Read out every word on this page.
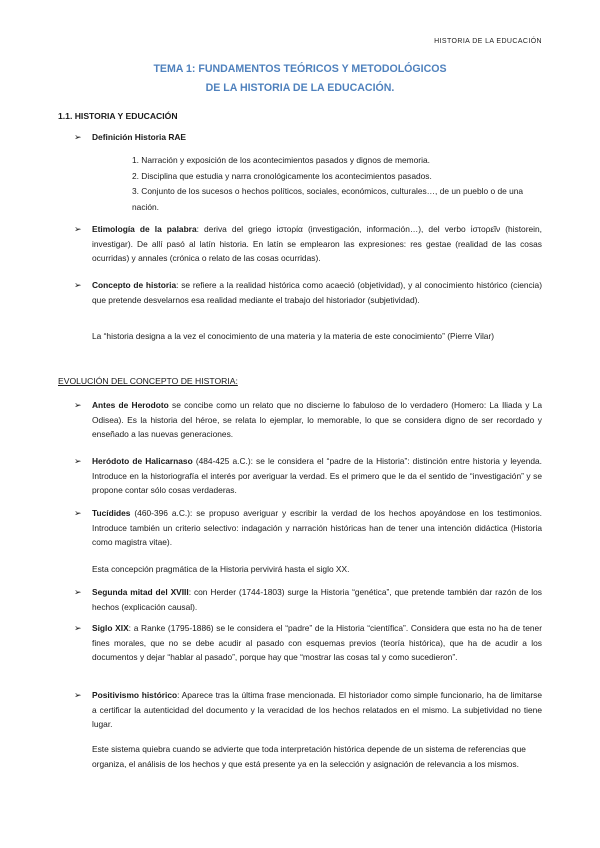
HISTORIA DE LA EDUCACIÓN
TEMA 1: FUNDAMENTOS TEÓRICOS Y METODOLÓGICOS
DE LA HISTORIA DE LA EDUCACIÓN.
1.1. HISTORIA Y EDUCACIÓN
➢ Definición Historia RAE
1. Narración y exposición de los acontecimientos pasados y dignos de memoria.
2. Disciplina que estudia y narra cronológicamente los acontecimientos pasados.
3. Conjunto de los sucesos o hechos políticos, sociales, económicos, culturales…, de un pueblo o de una nación.
➢ Etimología de la palabra: deriva del griego ἱστορία (investigación, información…), del verbo ἱστορεῖν (historein, investigar). De allí pasó al latín historia. En latín se emplearon las expresiones: res gestae (realidad de las cosas ocurridas) y annales (crónica o relato de las cosas ocurridas).
➢ Concepto de historia: se refiere a la realidad histórica como acaeció (objetividad), y al conocimiento histórico (ciencia) que pretende desvelarnos esa realidad mediante el trabajo del historiador (subjetividad).
La “historia designa a la vez el conocimiento de una materia y la materia de este conocimiento” (Pierre Vilar)
EVOLUCIÓN DEL CONCEPTO DE HISTORIA:
➢ Antes de Herodoto se concibe como un relato que no discierne lo fabuloso de lo verdadero (Homero: La Iliada y La Odisea). Es la historia del héroe, se relata lo ejemplar, lo memorable, lo que se considera digno de ser recordado y enseñado a las nuevas generaciones.
➢ Heródoto de Halicarnaso (484-425 a.C.): se le considera el “padre de la Historia”: distinción entre historia y leyenda. Introduce en la historiografía el interés por averiguar la verdad. Es el primero que le da el sentido de “investigación” y se propone contar sólo cosas verdaderas.
➢ Tucídides (460-396 a.C.): se propuso averiguar y escribir la verdad de los hechos apoyándose en los testimonios. Introduce también un criterio selectivo: indagación y narración históricas han de tener una intención didáctica (Historia como magistra vitae).
Esta concepción pragmática de la Historia pervivirá hasta el siglo XX.
➢ Segunda mitad del XVIII: con Herder (1744-1803) surge la Historia “genética”, que pretende también dar razón de los hechos (explicación causal).
➢ Siglo XIX: a Ranke (1795-1886) se le considera el “padre” de la Historia “científica”. Considera que esta no ha de tener fines morales, que no se debe acudir al pasado con esquemas previos (teoría histórica), que ha de acudir a los documentos y dejar “hablar al pasado”, porque hay que “mostrar las cosas tal y como sucedieron”.
➢ Positivismo histórico: Aparece tras la última frase mencionada. El historiador como simple funcionario, ha de limitarse a certificar la autenticidad del documento y la veracidad de los hechos relatados en el mismo. La subjetividad no tiene lugar.
Este sistema quiebra cuando se advierte que toda interpretación histórica depende de un sistema de referencias que organiza, el análisis de los hechos y que está presente ya en la selección y asignación de relevancia a los mismos.
